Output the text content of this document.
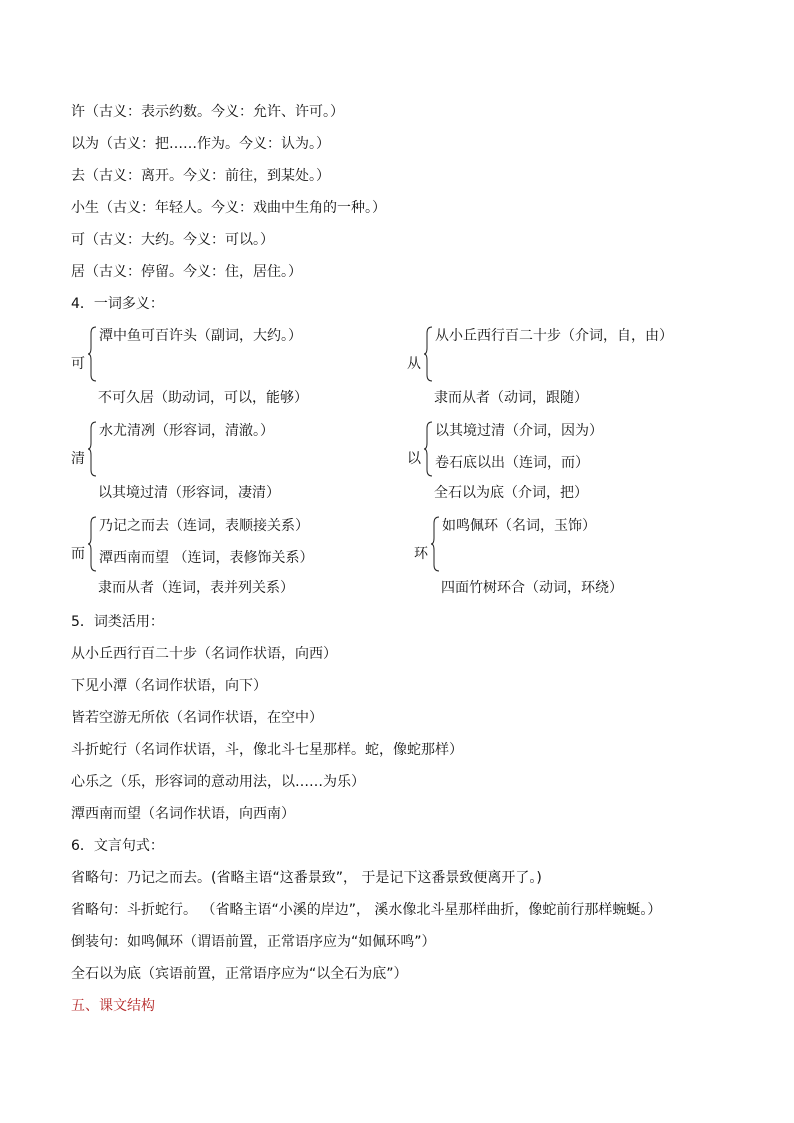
许（古义：表示约数。今义：允许、许可。）
以为（古义：把……作为。今义：认为。）
去（古义：离开。今义：前往，到某处。）
小生（古义：年轻人。今义：戏曲中生角的一种。）
可（古义：大约。今义：可以。）
居（古义：停留。今义：住，居住。）
4．一词多义：
可
潭中鱼可百许头（副词，大约。）
不可久居（助动词，可以，能够）
从
从小丘西行百二十步（介词，自，由）
隶而从者（动词，跟随）
清
水尤清冽（形容词，清澈。）
以其境过清（形容词，凄清）
以
以其境过清（介词，因为）
卷石底以出（连词，而）
全石以为底（介词，把）
而
乃记之而去（连词，表顺接关系）
潭西南而望 （连词，表修饰关系）
隶而从者（连词，表并列关系）
环
如鸣佩环（名词，玉饰）
四面竹树环合（动词，环绕）
5．词类活用：
从小丘西行百二十步（名词作状语，向西）
下见小潭（名词作状语，向下）
皆若空游无所依（名词作状语，在空中）
斗折蛇行（名词作状语，斗，像北斗七星那样。蛇，像蛇那样）
心乐之（乐，形容词的意动用法，以……为乐）
潭西南而望（名词作状语，向西南）
6．文言句式：
省略句：乃记之而去。(省略主语“这番景致”， 于是记下这番景致便离开了。)
省略句：斗折蛇行。 （省略主语“小溪的岸边”， 溪水像北斗星那样曲折，像蛇前行那样蜿蜒。）
倒装句：如鸣佩环（谓语前置，正常语序应为“如佩环鸣”）
全石以为底（宾语前置，正常语序应为“以全石为底”）
五、课文结构
